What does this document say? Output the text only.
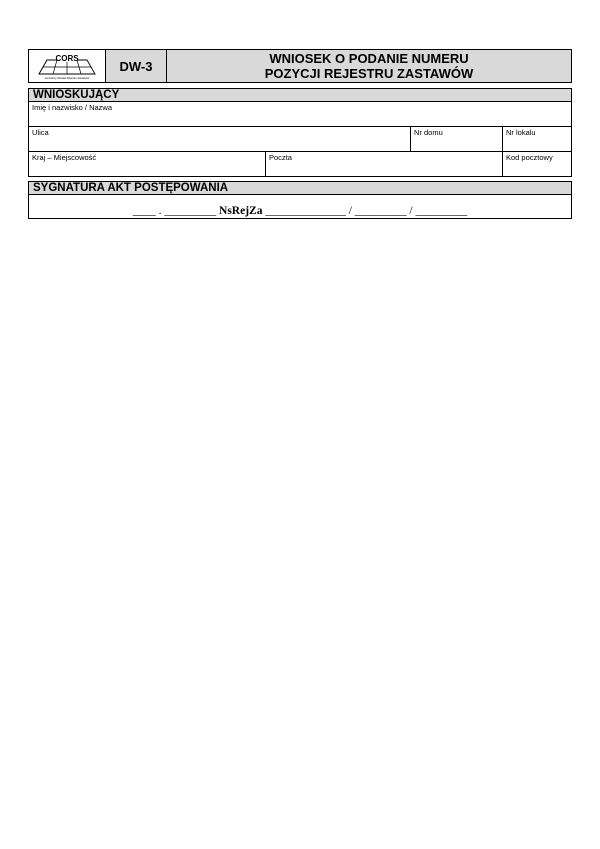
CORS
Centralny Ośrodek Rejestru Zastawów
DW-3	WNIOSEK O PODANIE NUMERU
POZYCJI REJESTRU ZASTAWÓW
WNIOSKUJĄCY
Imię i nazwisko / Nazwa
Ulica	Nr domu	Nr lokalu
Kraj – Miejscowość	Poczta	Kod pocztowy
SYGNATURA AKT POSTĘPOWANIA
____ . _________ NsRejZa ______________ / _________ / _________
